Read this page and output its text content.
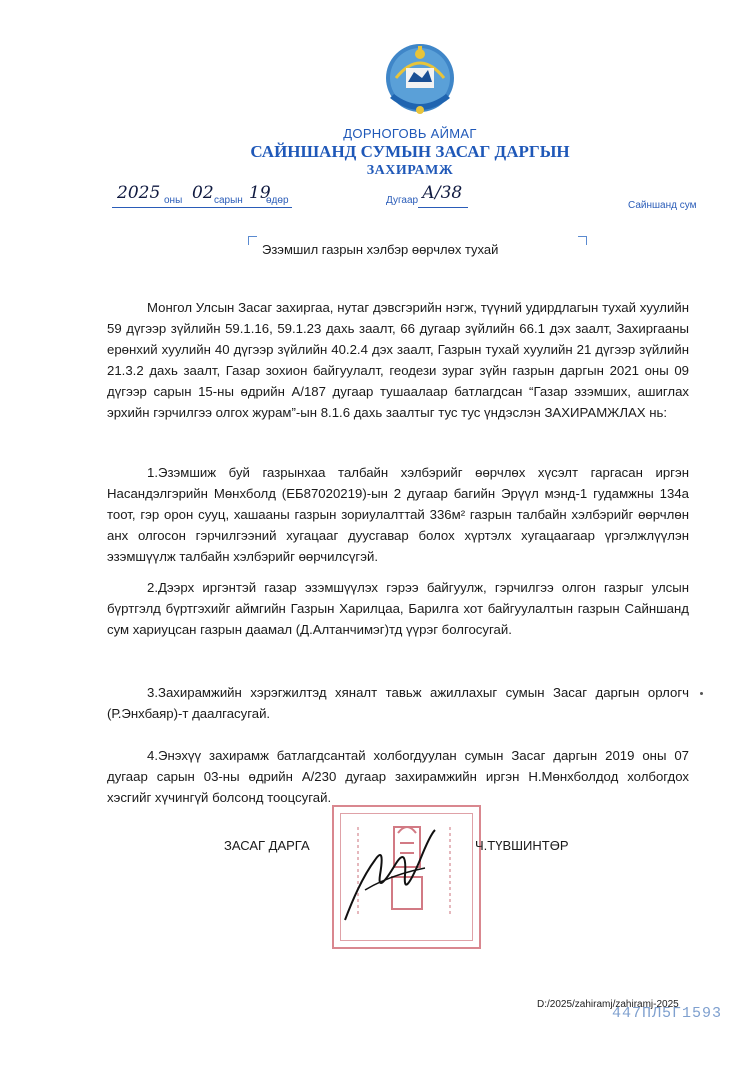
ДОРНОГОВЬ АЙМАГ
САЙНШАНД СУМЫН ЗАСАГ ДАРГЫН
ЗАХИРАМЖ
2025 оны 02 сарын 19
өдөр	Дугаар А/38
Сайншанд сум
Эзэмшил газрын хэлбэр өөрчлөх тухай

Монгол Улсын Засаг захиргаа, нутаг дэвсгэрийн нэгж, түүний удирдлагын тухай хуулийн 59 дүгээр зүйлийн 59.1.16, 59.1.23 дахь заалт, 66 дугаар зүйлийн 66.1 дэх заалт, Захиргааны ерөнхий хуулийн 40 дүгээр зүйлийн 40.2.4 дэх заалт, Газрын тухай хуулийн 21 дүгээр зүйлийн 21.3.2 дахь заалт, Газар зохион байгуулалт, геодези зураг зүйн газрын даргын 2021 оны 09 дүгээр сарын 15-ны өдрийн А/187 дугаар тушаалаар батлагдсан “Газар эзэмших, ашиглах эрхийн гэрчилгээ олгох журам”-ын 8.1.6 дахь заалтыг тус тус үндэслэн ЗАХИРАМЖЛАХ нь:

1.Эзэмшиж буй газрынхаа талбайн хэлбэрийг өөрчлөх хүсэлт гаргасан иргэн Насандэлгэрийн Мөнхболд (ЕБ87020219)-ын 2 дугаар багийн Эрүүл мэнд-1 гудамжны 134а тоот, гэр орон сууц, хашааны газрын зориулалттай 336м² газрын талбайн хэлбэрийг өөрчлөн анх олгосон гэрчилгээний хугацааг дуусгавар болох хүртэлх хугацаагаар үргэлжлүүлэн эзэмшүүлж талбайн хэлбэрийг өөрчилсүгэй.

2.Дээрх иргэнтэй газар эзэмшүүлэх гэрээ байгуулж, гэрчилгээ олгон газрыг улсын бүртгэлд бүртгэхийг аймгийн Газрын Харилцаа, Барилга хот байгуулалтын газрын Сайншанд сум хариуцсан газрын даамал (Д.Алтанчимэг)тд үүрэг болгосугай.

3.Захирамжийн хэрэгжилтэд хяналт тавьж ажиллахыг сумын Засаг даргын орлогч (Р.Энхбаяр)-т даалгасугай.

4.Энэхүү захирамж батлагдсантай холбогдуулан сумын Засаг даргын 2019 оны 07 дугаар сарын 03-ны өдрийн А/230 дугаар захирамжийн иргэн Н.Мөнхболдод холбогдох хэсгийг хүчингүй болсонд тооцсугай.

ЗАСАГ ДАРГА	Ч.ТҮВШИНТӨР
D:/2025/zahiramj/zahiramj-2025
447ПЛ5Г1593
